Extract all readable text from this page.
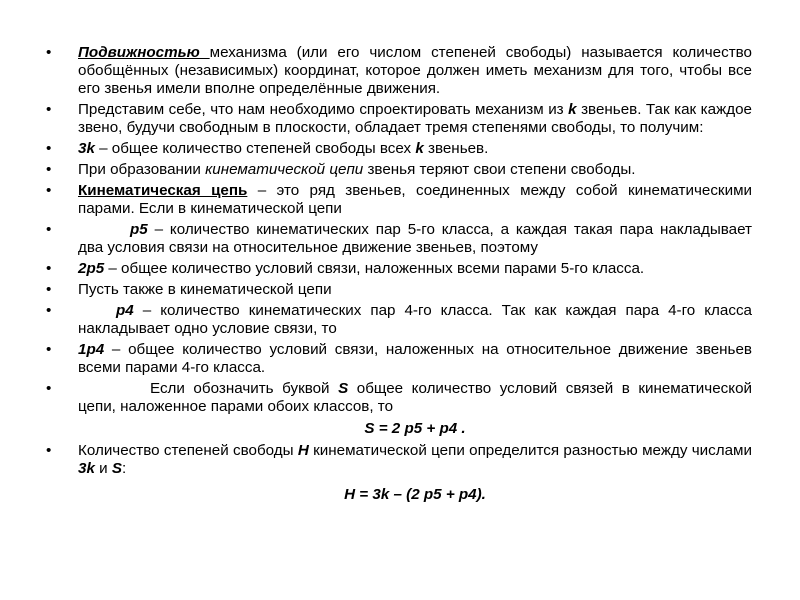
•	Подвижностью механизма (или его числом степеней свободы) называется количество обобщённых (независимых) координат, которое должен иметь механизм для того, чтобы все его звенья имели вполне определённые движения.
•	Представим себе, что нам необходимо спроектировать механизм из k звеньев. Так как каждое звено, будучи свободным в плоскости, обладает тремя степенями свободы, то получим:
•	3k – общее количество степеней свободы всех k звеньев.
•	При образовании кинематической цепи звенья теряют свои степени свободы.
•	Кинематическая цепь – это ряд звеньев, соединенных между собой кинематическими парами. Если в кинематической цепи
•	p5 – количество кинематических пар 5-го класса, а каждая такая пара накладывает два условия связи на относительное движение звеньев, поэтому
•	2p5 – общее количество условий связи, наложенных всеми парами 5-го класса.
•	Пусть также в кинематической цепи
•	p4 – количество кинематических пар 4-го класса. Так как каждая пара 4-го класса накладывает одно условие связи, то
•	1p4 – общее количество условий связи, наложенных на относительное движение звеньев всеми парами 4-го класса.
•	Если обозначить буквой S общее количество условий связей в кинематической цепи, наложенное парами обоих классов, то
S = 2 p5 + p4 .
•	Количество степеней свободы H кинематической цепи определится разностью между числами 3k и S:
H = 3k – (2 p5 + p4).
